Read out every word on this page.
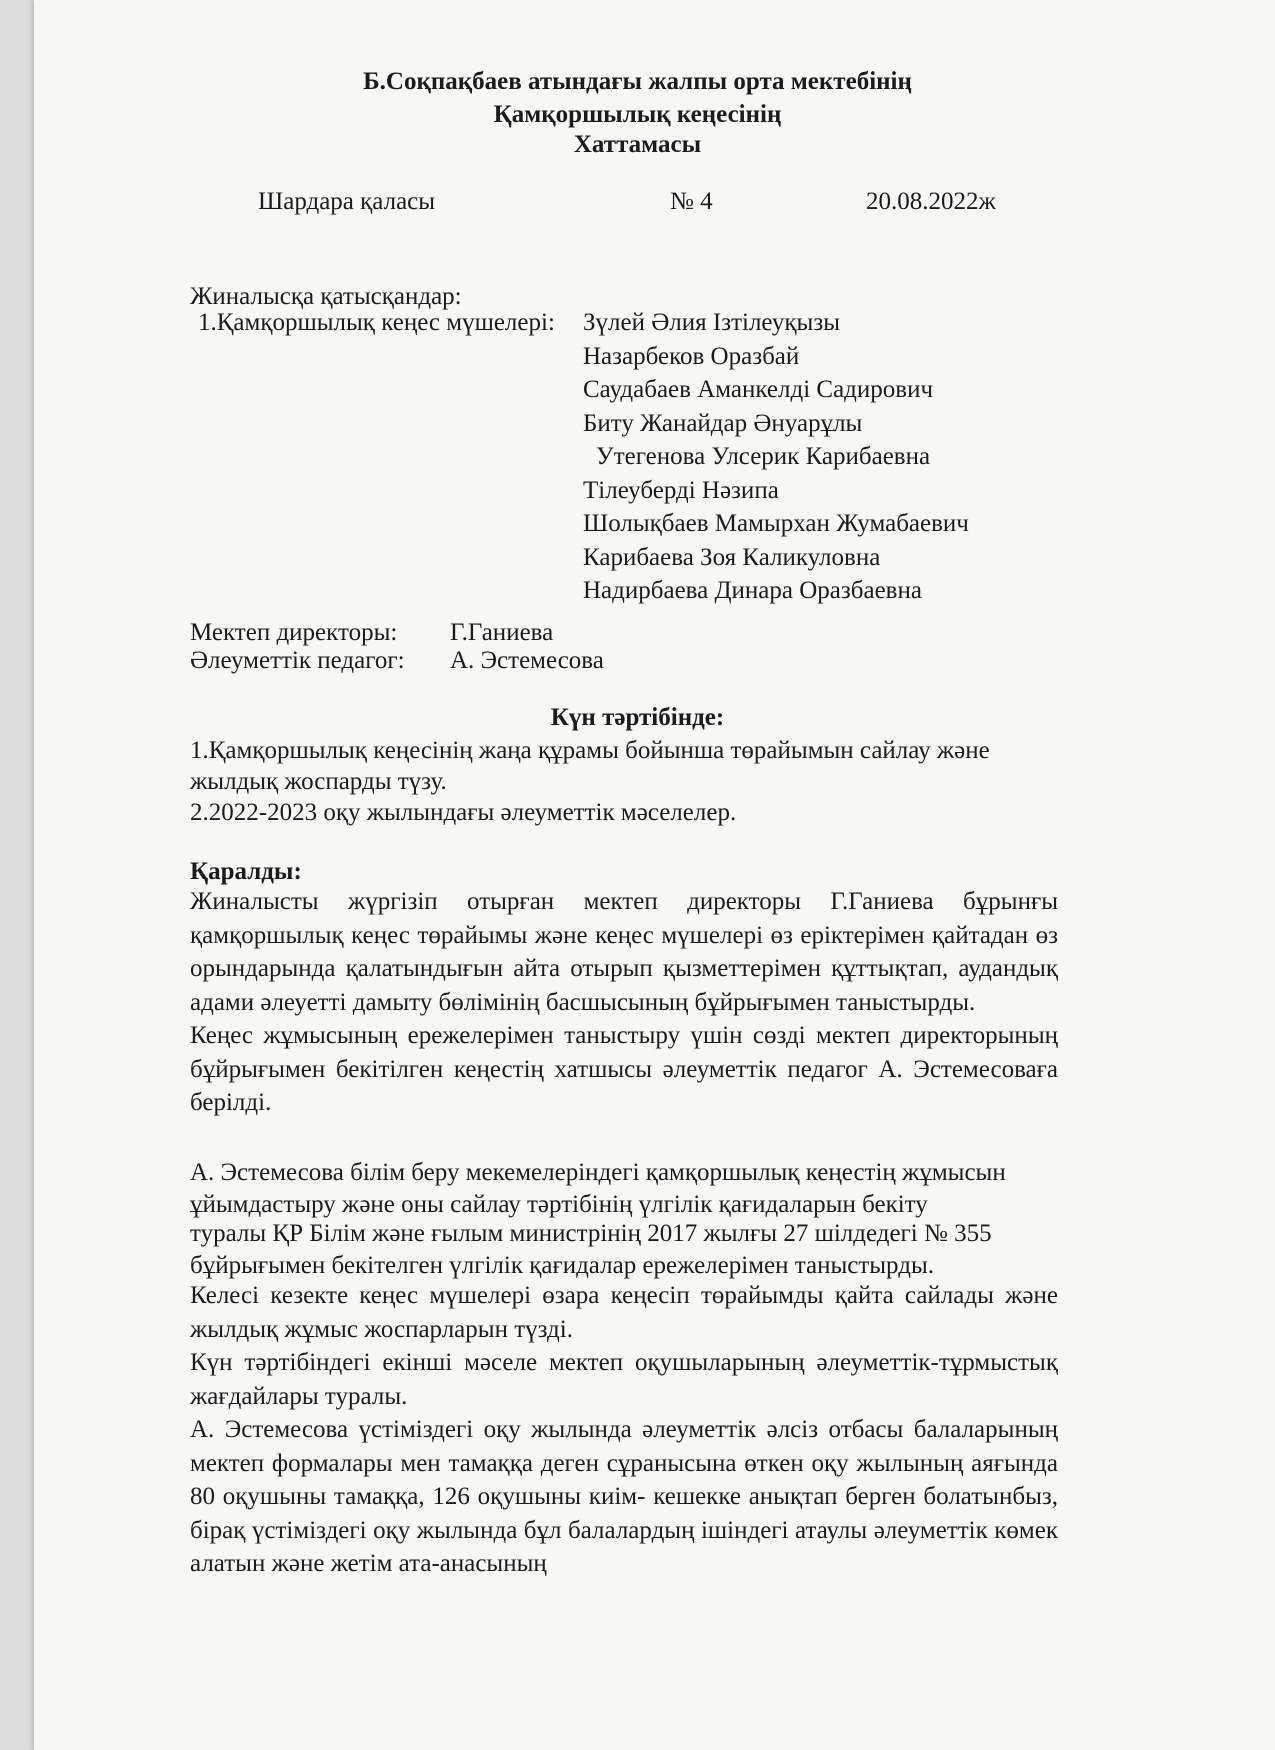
Б.Соқпақбаев атындағы жалпы орта мектебінің
Қамқоршылық кеңесінің
Хаттамасы
Шардара қаласы	№ 4	20.08.2022ж
Жиналысқа қатысқандар:
1.Қамқоршылық кеңес мүшелері: Зүлей Әлия Ізтілеуқызы
Назарбеков Оразбай
Саудабаев Аманкелді Садирович
Биту Жанайдар Әнуарұлы
Утегенова Улсерик Карибаевна
Тілеуберді Нәзипа
Шолықбаев Мамырхан Жумабаевич
Карибаева Зоя Каликуловна
Надирбаева Динара Оразбаевна
Мектеп директоры: Г.Ганиева
Әлеуметтік педагог: А. Эстемесова
Күн тәртібінде:
1.Қамқоршылық кеңесінің жаңа құрамы бойынша төрайымын сайлау және
жылдық жоспарды түзу.
2.2022-2023 оқу жылындағы әлеуметтік мәселелер.
Қаралды:

Жиналысты жүргізіп отырған мектеп директоры Г.Ганиева бұрынғы қамқоршылық кеңес төрайымы және кеңес мүшелері өз еріктерімен қайтадан өз орындарында қалатындығын айта отырып қызметтерімен құттықтап, аудандық адами әлеуетті дамыту бөлімінің басшысының бұйрығымен таныстырды.

Кеңес жұмысының ережелерімен таныстыру үшін сөзді мектеп директорының бұйрығымен бекітілген кеңестің хатшысы әлеуметтік педагог А. Эстемесоваға берілді.

А. Эстемесова білім беру мекемелеріндегі қамқоршылық кеңестің жұмысын
ұйымдастыру және оны сайлау тәртібінің үлгілік қағидаларын бекіту
туралы ҚР Білім және ғылым министрінің 2017 жылғы 27 шілдедегі № 355
бұйрығымен бекітелген үлгілік қағидалар ережелерімен таныстырды.

Келесі кезекте кеңес мүшелері өзара кеңесіп төрайымды қайта сайлады және жылдық жұмыс жоспарларын түзді.

Күн тәртібіндегі екінші мәселе мектеп оқушыларының әлеуметтік-тұрмыстық жағдайлары туралы.

А. Эстемесова үстіміздегі оқу жылында әлеуметтік әлсіз отбасы балаларының мектеп формалары мен тамаққа деген сұранысына өткен оқу жылының аяғында 80 оқушыны тамаққа, 126 оқушыны киім- кешекке анықтап берген болатынбыз, бірақ үстіміздегі оқу жылында бұл балалардың ішіндегі атаулы әлеуметтік көмек алатын және жетім ата-анасының
